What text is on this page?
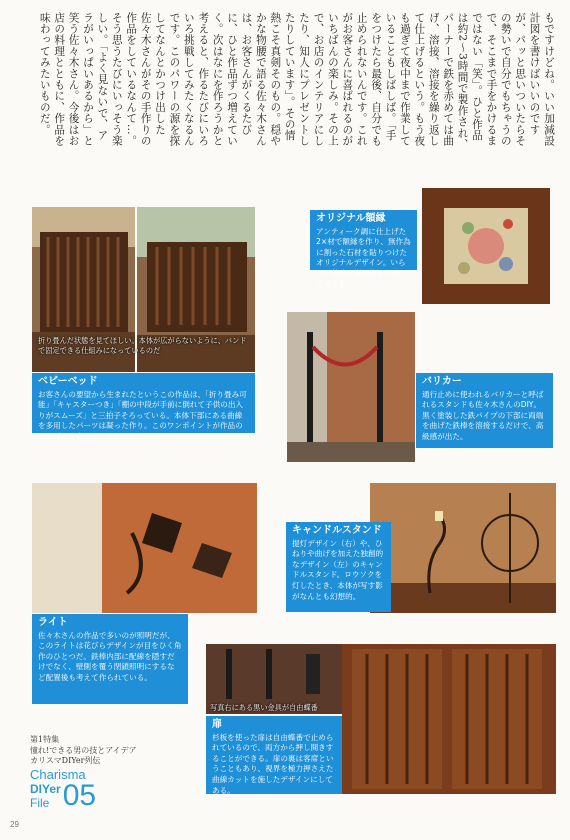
もですけどね。いい加減設計図を書けばいいのですが、パッと思いついたらその勢いで自分でもちゃうので、そこまで手をかけるまではない「笑」。ひと作品は約2～3時間で製作され、パーナーで鉄を赤めては曲げ、溶接、溶接を繰り返して仕上げるという。もう夜も過ぎて夜中まで作業していることもしばしば。「手をつけたら最後、自分でも止められないんです。これがお客さんに喜ばれるのがいちばんの楽しみ。その上で、お店のインテリアにしたり、知人にプレゼントしたりしています」。その情熱こそ真剣そのもの。穏やかな物腰で語る佐々木さんは、お客さんがくるたびに、ひと作品ずつ増えていく。次はなにを作ろうかと考えると、作るたびにいろいろ挑戦してみたくなるんです。このパワーの源を探してなんとかつけ出した佐々木さんがその手作りの作品をしているなんて…。そう思うたびにいっそう楽しい。「よく見ないで、アラがいっぱいあるから」と笑う佐々木さん。今後はお店の料理とともに、作品を味わってみたいものだ。
折り畳んだ状態を見てほしい。本体が広がらないように、バンドで固定できる仕組みになっているのだ
ベビーベッド
お客さんの要望から生まれたというこの作品は、「折り畳み可能」「キャスターつき」「棚の中段が手前に倒れて子供の出入りがスムーズ」と三拍子そろっている。本体下部にある曲線を多用したパーツは凝った作り。このワンポイントが作品のできばえを高めているわけだ。
オリジナル額縁
アンティーク調に仕上げた2×材で額縁を作り、無作為に割った石材を貼りつけたオリジナルデザイン。いらない茶碗や瀬戸物をいかしてみてもいい。
バリカー
通行止めに使われるバリカーと呼ばれるスタンドも佐々木さんのDIY。黒く塗装した鉄パイプの下部に両端を曲げた鉄棒を溶接するだけで、高級感が出た。
キャンドルスタンド
提灯デザイン（右）や、ひねりや曲げを加えた独創的なデザイン（左）のキャンドルスタンド。ロウソクを灯したとき、本体が写す影がなんとも幻想的。
ライト
佐々木さんの作品で多いのが照明だが、このライトは花びらデザインが目をひく角作のひとつだ。鉄棒内部に配線を隠すだけでなく、壁側を覆う閉鎖照明にするなど配置後も考えて作られている。
写真右にある黒い金具が自由蝶番
扉
杉板を使った扉は自由蝶番で止められているので、両方から押し開きすることができる。扉の裏は客席ということもあり、視界を極力押さえた曲線カットを施したデザインにしてある。
第1特集
憧れ!できる男の技とアイデア
カリスマDIYer列伝
Charisma
DIYer
File 05
29
